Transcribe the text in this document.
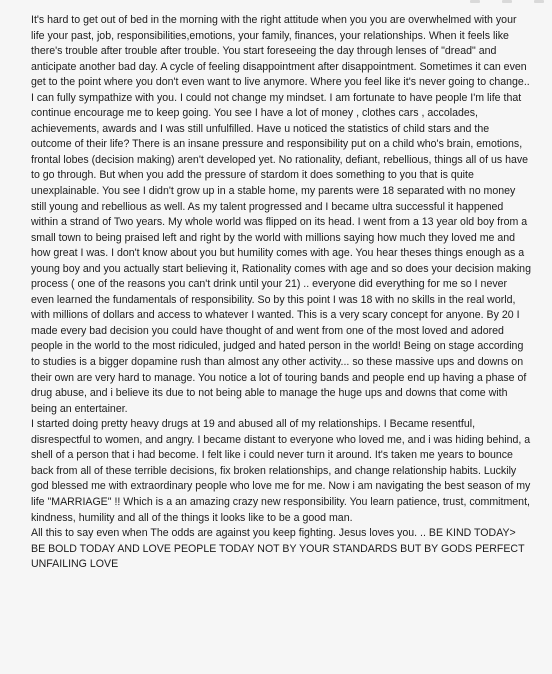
It's hard to get out of bed in the morning with the right attitude when you you are overwhelmed with your life your past, job, responsibilities,emotions, your family, finances, your relationships. When it feels like there's trouble after trouble after trouble. You start foreseeing the day through lenses of "dread" and anticipate another bad day. A cycle of feeling disappointment after disappointment. Sometimes it can even get to the point where you don't even want to live anymore. Where you feel like it's never going to change.. I can fully sympathize with you. I could not change my mindset. I am fortunate to have people I'm life that continue encourage me to keep going. You see I have a lot of money , clothes cars , accolades, achievements, awards and I was still unfulfilled. Have u noticed the statistics of child stars and the outcome of their life? There is an insane pressure and responsibility put on a child who's brain, emotions, frontal lobes (decision making) aren't developed yet. No rationality, defiant, rebellious, things all of us have to go through. But when you add the pressure of stardom it does something to you that is quite unexplainable. You see I didn't grow up in a stable home, my parents were 18 separated with no money still young and rebellious as well. As my talent progressed and I became ultra successful it happened within a strand of Two years. My whole world was flipped on its head. I went from a 13 year old boy from a small town to being praised left and right by the world with millions saying how much they loved me and how great I was. I don't know about you but humility comes with age. You hear theses things enough as a young boy and you actually start believing it, Rationality comes with age and so does your decision making process ( one of the reasons you can't drink until your 21) .. everyone did everything for me so I never even learned the fundamentals of responsibility. So by this point I was 18 with no skills in the real world, with millions of dollars and access to whatever I wanted. This is a very scary concept for anyone. By 20 I made every bad decision you could have thought of and went from one of the most loved and adored people in the world to the most ridiculed, judged and hated person in the world! Being on stage according to studies is a bigger dopamine rush than almost any other activity... so these massive ups and downs on their own are very hard to manage. You notice a lot of touring bands and people end up having a phase of drug abuse, and i believe its due to not being able to manage the huge ups and downs that come with being an entertainer.

I started doing pretty heavy drugs at 19 and abused all of my relationships. I Became resentful, disrespectful to women, and angry. I became distant to everyone who loved me, and i was hiding behind, a shell of a person that i had become. I felt like i could never turn it around. It's taken me years to bounce back from all of these terrible decisions, fix broken relationships, and change relationship habits. Luckily god blessed me with extraordinary people who love me for me. Now i am navigating the best season of my life "MARRIAGE" !! Which is a an amazing crazy new responsibility. You learn patience, trust, commitment, kindness, humility and all of the things it looks like to be a good man.

All this to say even when The odds are against you keep fighting. Jesus loves you. .. BE KIND TODAY> BE BOLD TODAY AND LOVE PEOPLE TODAY NOT BY YOUR STANDARDS BUT BY GODS PERFECT UNFAILING LOVE
